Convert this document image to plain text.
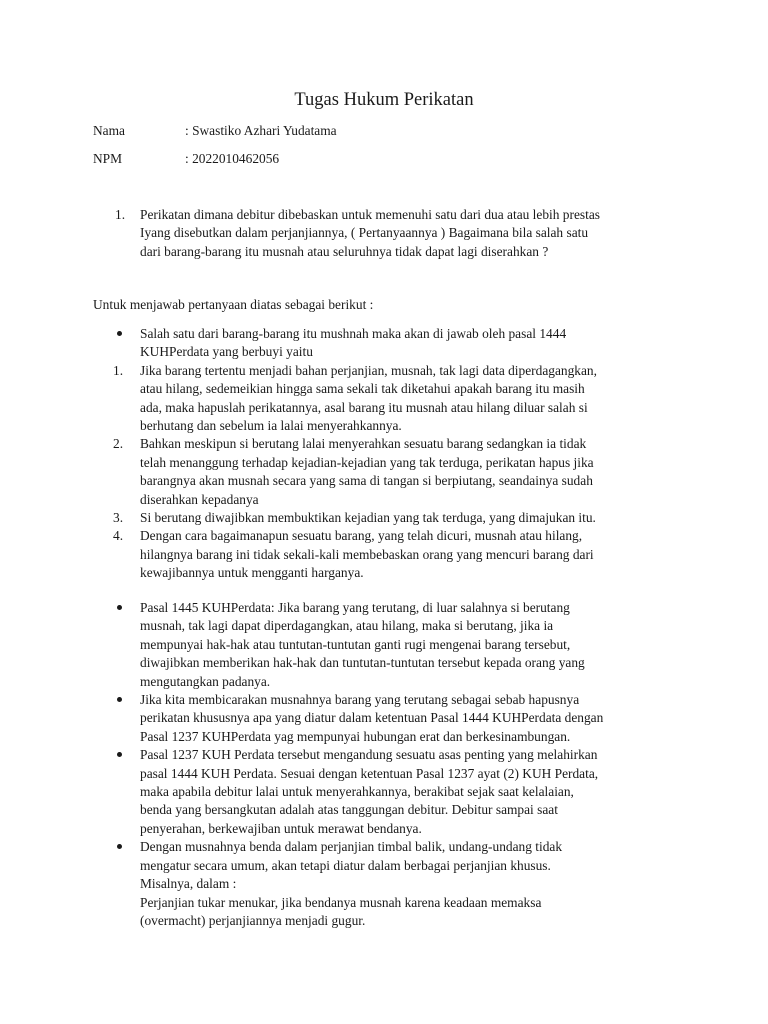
Tugas Hukum Perikatan
Nama	: Swastiko Azhari Yudatama
NPM	: 2022010462056
1. Perikatan dimana debitur dibebaskan untuk memenuhi satu dari dua atau lebih prestas
Iyang disebutkan dalam perjanjiannya, ( Pertanyaannya ) Bagaimana bila salah satu
dari barang-barang itu musnah atau seluruhnya tidak dapat lagi diserahkan ?
Untuk menjawab pertanyaan diatas sebagai berikut :
Salah satu dari barang-barang itu mushnah maka akan di jawab oleh pasal 1444
KUHPerdata yang berbuyi yaitu
1. Jika barang tertentu menjadi bahan perjanjian, musnah, tak lagi data diperdagangkan,
atau hilang, sedemeikian hingga sama sekali tak diketahui apakah barang itu masih
ada, maka hapuslah perikatannya, asal barang itu musnah atau hilang diluar salah si
berhutang dan sebelum ia lalai menyerahkannya.
2. Bahkan meskipun si berutang lalai menyerahkan sesuatu barang sedangkan ia tidak
telah menanggung terhadap kejadian-kejadian yang tak terduga, perikatan hapus jika
barangnya akan musnah secara yang sama di tangan si berpiutang, seandainya sudah
diserahkan kepadanya
3. Si berutang diwajibkan membuktikan kejadian yang tak terduga, yang dimajukan itu.
4. Dengan cara bagaimanapun sesuatu barang, yang telah dicuri, musnah atau hilang,
hilangnya barang ini tidak sekali-kali membebaskan orang yang mencuri barang dari
kewajibannya untuk mengganti harganya.
Pasal 1445 KUHPerdata: Jika barang yang terutang, di luar salahnya si berutang
musnah, tak lagi dapat diperdagangkan, atau hilang, maka si berutang, jika ia
mempunyai hak-hak atau tuntutan-tuntutan ganti rugi mengenai barang tersebut,
diwajibkan memberikan hak-hak dan tuntutan-tuntutan tersebut kepada orang yang
mengutangkan padanya.
Jika kita membicarakan musnahnya barang yang terutang sebagai sebab hapusnya
perikatan khususnya apa yang diatur dalam ketentuan Pasal 1444 KUHPerdata dengan
Pasal 1237 KUHPerdata yag mempunyai hubungan erat dan berkesinambungan.
Pasal 1237 KUH Perdata tersebut mengandung sesuatu asas penting yang melahirkan
pasal 1444 KUH Perdata. Sesuai dengan ketentuan Pasal 1237 ayat (2) KUH Perdata,
maka apabila debitur lalai untuk menyerahkannya, berakibat sejak saat kelalaian,
benda yang bersangkutan adalah atas tanggungan debitur. Debitur sampai saat
penyerahan, berkewajiban untuk merawat bendanya.
Dengan musnahnya benda dalam perjanjian timbal balik, undang-undang tidak
mengatur secara umum, akan tetapi diatur dalam berbagai perjanjian khusus.
Misalnya, dalam :
Perjanjian tukar menukar, jika bendanya musnah karena keadaan memaksa
(overmacht) perjanjiannya menjadi gugur.
